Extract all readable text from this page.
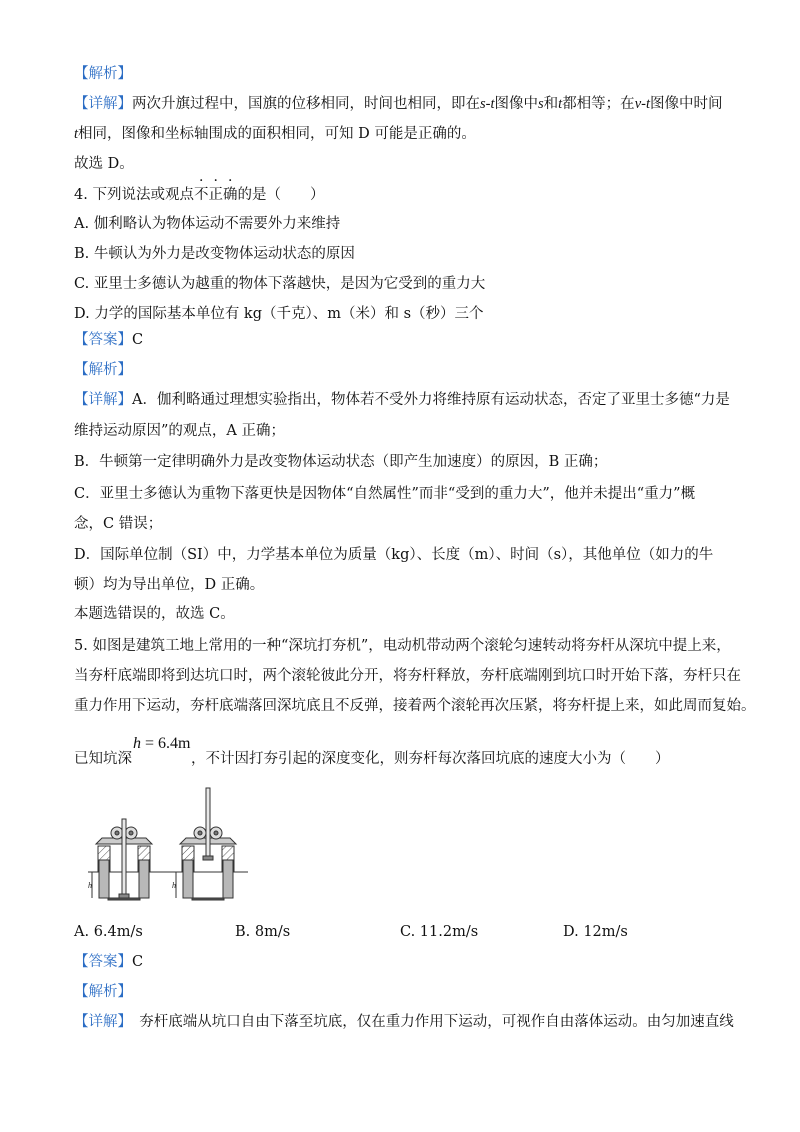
【解析】
【详解】两次升旗过程中，国旗的位移相同，时间也相同，即在s-t图像中s和t都相等；在v-t图像中时间
t相同，图像和坐标轴围成的面积相同，可知 D 可能是正确的。
故选 D。
4. 下列说法或观点不正确的是（　　）
A. 伽利略认为物体运动不需要外力来维持
B. 牛顿认为外力是改变物体运动状态的原因
C. 亚里士多德认为越重的物体下落越快，是因为它受到的重力大
D. 力学的国际基本单位有 kg（千克）、m（米）和 s（秒）三个
【答案】C
【解析】
【详解】A．伽利略通过理想实验指出，物体若不受外力将维持原有运动状态，否定了亚里士多德“力是
维持运动原因”的观点，A 正确；
B．牛顿第一定律明确外力是改变物体运动状态（即产生加速度）的原因，B 正确；
C．亚里士多德认为重物下落更快是因物体“自然属性”而非“受到的重力大”，他并未提出“重力”概
念，C 错误；
D．国际单位制（SI）中，力学基本单位为质量（kg）、长度（m）、时间（s），其他单位（如力的牛
顿）均为导出单位，D 正确。
本题选错误的，故选 C。
5. 如图是建筑工地上常用的一种“深坑打夯机”，电动机带动两个滚轮匀速转动将夯杆从深坑中提上来，
当夯杆底端即将到达坑口时，两个滚轮彼此分开，将夯杆释放，夯杆底端刚到坑口时开始下落，夯杆只在
重力作用下运动，夯杆底端落回深坑底且不反弹，接着两个滚轮再次压紧，将夯杆提上来，如此周而复始。
已知坑深
h = 6.4m
，不计因打夯引起的深度变化，则夯杆每次落回坑底的速度大小为（　　）
h	h
A. 6.4m/s	B. 8m/s	C. 11.2m/s	D. 12m/s
【答案】C
【解析】
【详解】　夯杆底端从坑口自由下落至坑底，仅在重力作用下运动，可视作自由落体运动。由匀加速直线
